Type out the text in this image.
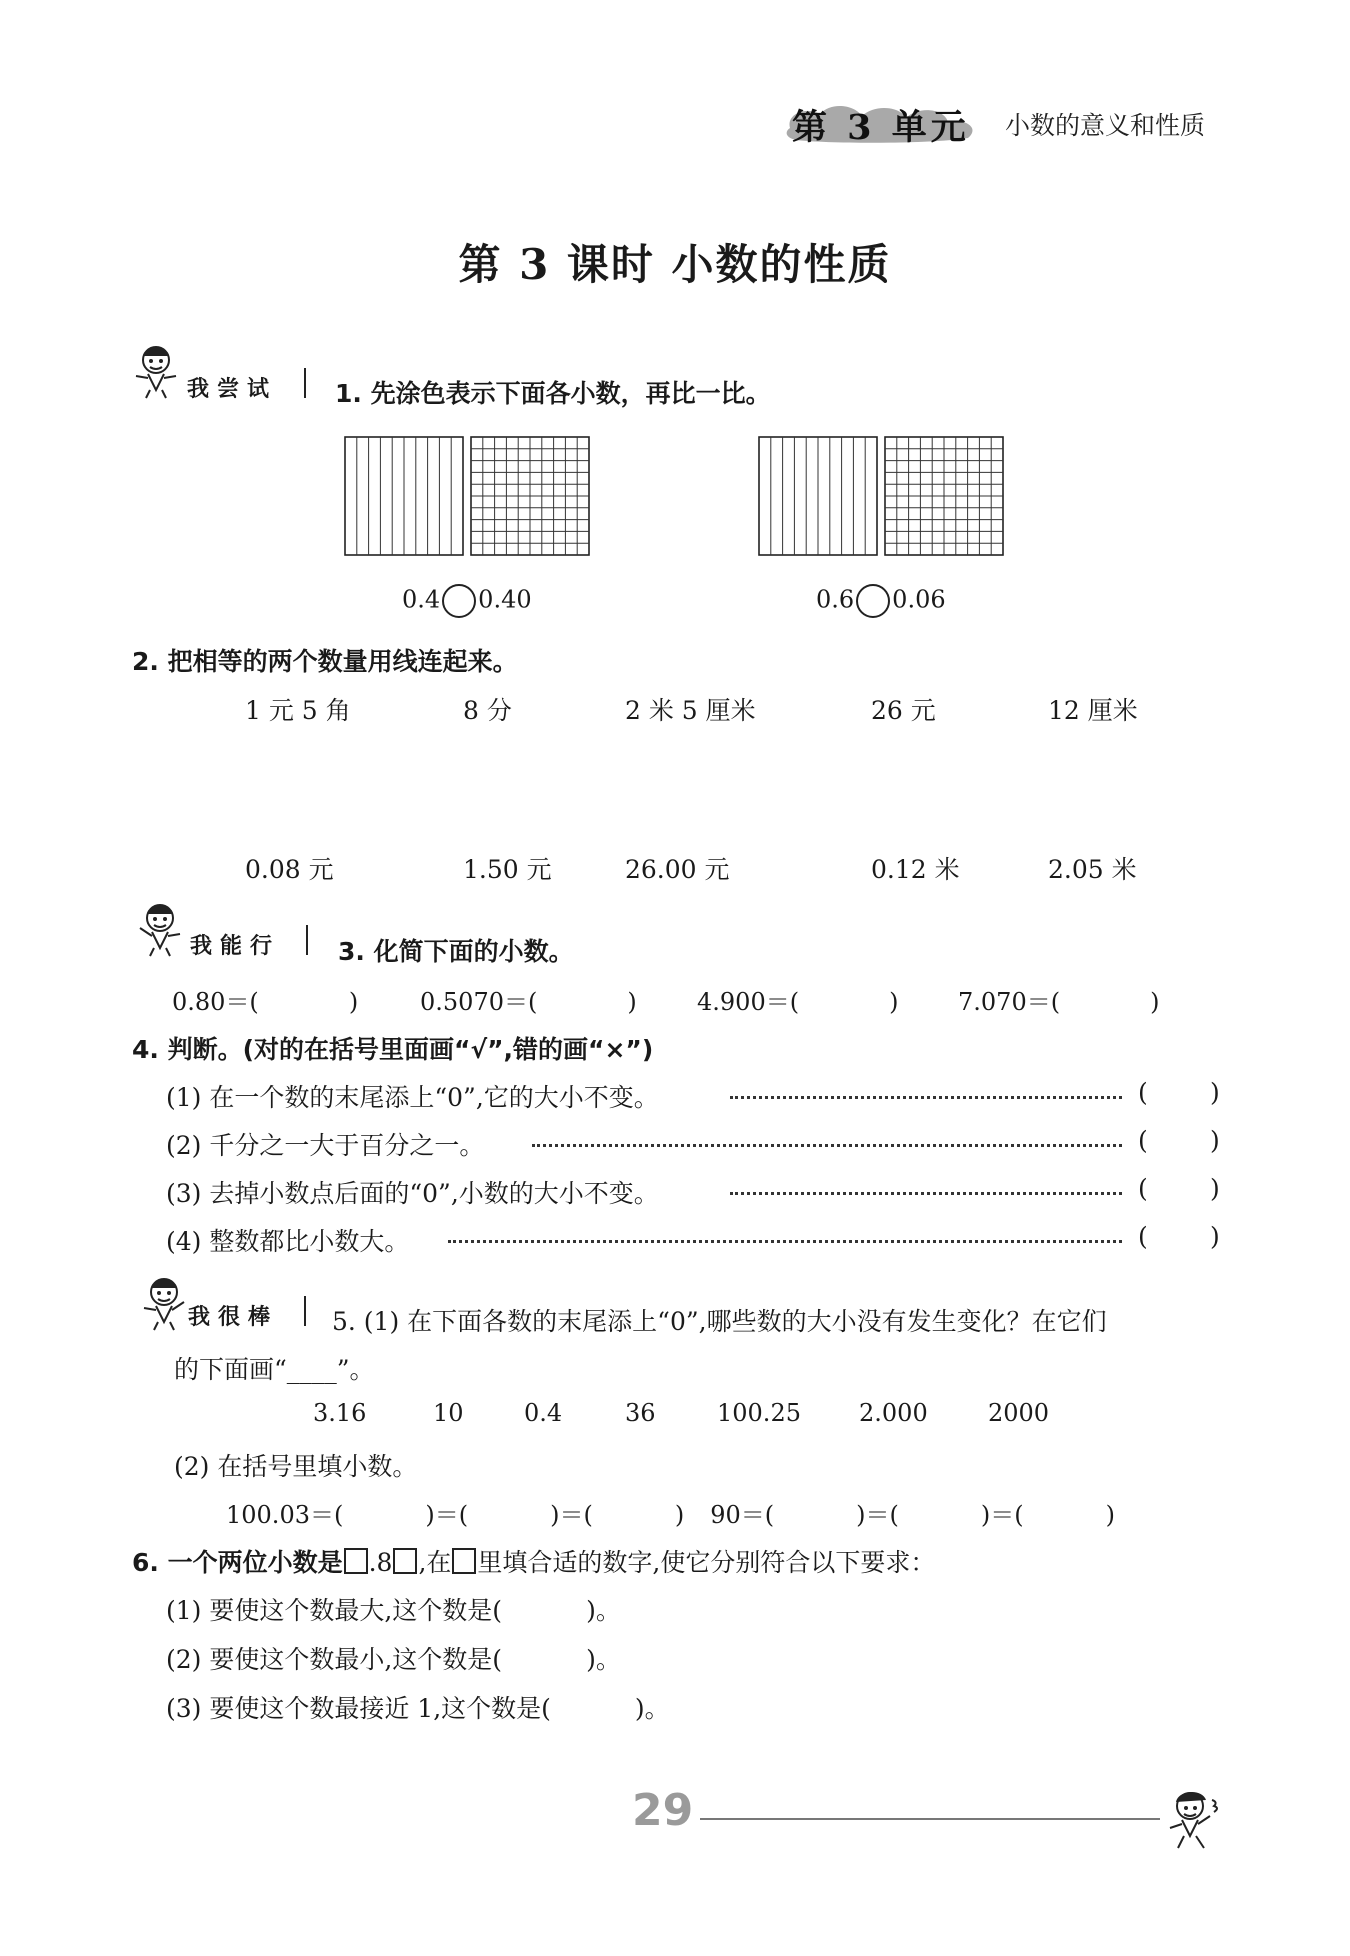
第 3 单元 小数的意义和性质
第 3 课时 小数的性质
我尝试 1. 先涂色表示下面各小数，再比一比。
0.4 0.40	0.6 0.06
2. 把相等的两个数量用线连起来。
1 元 5 角	8 分	2 米 5 厘米	26 元	12 厘米
0.08 元	1.50 元	26.00 元	0.12 米	2.05 米
我能行 3. 化简下面的小数。
0.80＝(	)	0.5070＝(	)	4.900＝(	) 7.070＝(	)
4. 判断。(对的在括号里面画“√”,错的画“×”)
(1) 在一个数的末尾添上“0”,它的大小不变。	( )
(2) 千分之一大于百分之一。	( )
(3) 去掉小数点后面的“0”,小数的大小不变。	( )
(4) 整数都比小数大。	( )
我很棒 5. (1) 在下面各数的末尾添上“0”,哪些数的大小没有发生变化？在它们
的下面画“____”。
3.16	10	0.4	36	100.25 2.000	2000
(2) 在括号里填小数。
100.03＝(	)＝(	)＝(	) 90＝(	)＝(	)＝(	)
6. 一个两位小数是 .8 ,在 里填合适的数字,使它分别符合以下要求：
(1) 要使这个数最大,这个数是(	)。
(2) 要使这个数最小,这个数是(	)。
(3) 要使这个数最接近 1,这个数是(	)。
29
